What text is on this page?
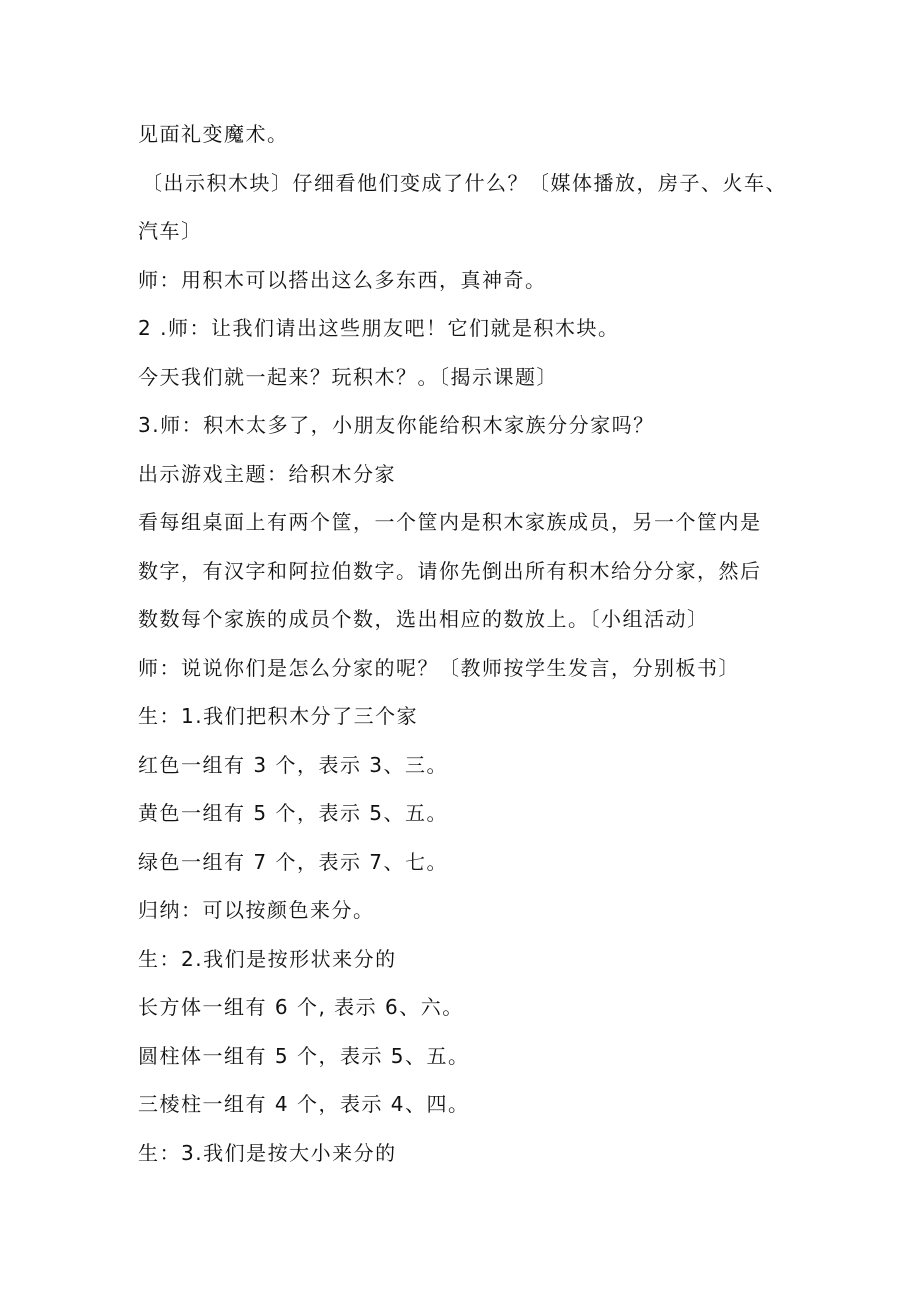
见面礼变魔术。
〔出示积木块〕仔细看他们变成了什么？〔媒体播放，房子、火车、
汽车〕
师：用积木可以搭出这么多东西，真神奇。
2 .师：让我们请出这些朋友吧！它们就是积木块。
今天我们就一起来？玩积木？。〔揭示课题〕
3.师：积木太多了，小朋友你能给积木家族分分家吗？
出示游戏主题：给积木分家
看每组桌面上有两个筐，一个筐内是积木家族成员，另一个筐内是
数字，有汉字和阿拉伯数字。请你先倒出所有积木给分分家，然后
数数每个家族的成员个数，选出相应的数放上。〔小组活动〕
师：说说你们是怎么分家的呢？〔教师按学生发言，分别板书〕
生：1.我们把积木分了三个家
红色一组有 3 个，表示 3、三。
黄色一组有 5 个，表示 5、五。
绿色一组有 7 个，表示 7、七。
归纳：可以按颜色来分。
生：2.我们是按形状来分的
长方体一组有 6 个, 表示 6、六。
圆柱体一组有 5 个，表示 5、五。
三棱柱一组有 4 个，表示 4、四。
生：3.我们是按大小来分的
